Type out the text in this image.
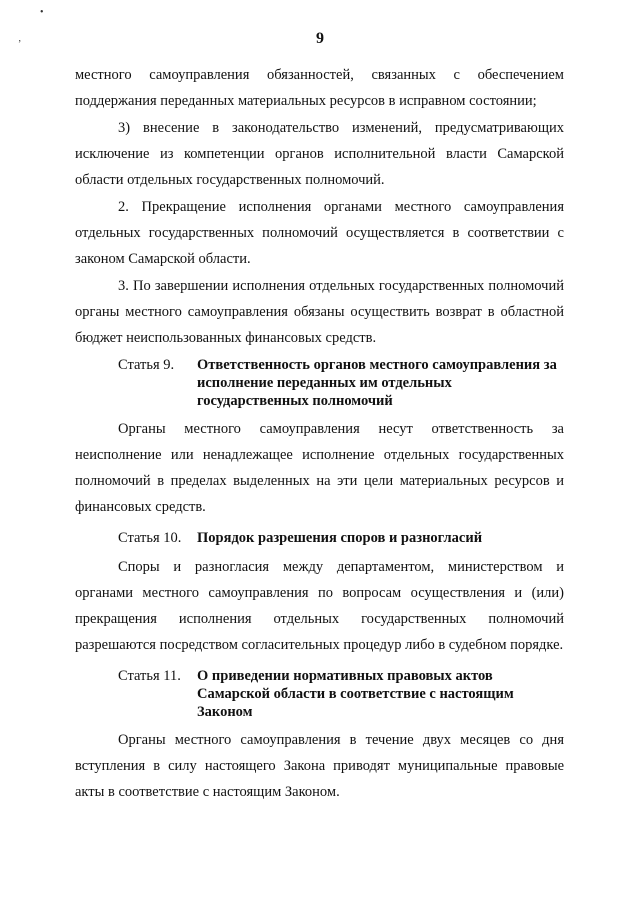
•
ʼ	9

местного самоуправления обязанностей, связанных с обеспечением поддержания переданных материальных ресурсов в исправном состоянии;

3) внесение в законодательство изменений, предусматривающих исключение из компетенции органов исполнительной власти Самарской области отдельных государственных полномочий.

2. Прекращение исполнения органами местного самоуправления отдельных государственных полномочий осуществляется в соответствии с законом Самарской области.

3. По завершении исполнения отдельных государственных полномочий органы местного самоуправления обязаны осуществить возврат в областной бюджет неиспользованных финансовых средств.

Статья 9.	Ответственность органов местного самоуправления за исполнение переданных им отдельных государственных полномочий

Органы местного самоуправления несут ответственность за неисполнение или ненадлежащее исполнение отдельных государственных полномочий в пределах выделенных на эти цели материальных ресурсов и финансовых средств.

Статья 10.	Порядок разрешения споров и разногласий

Споры и разногласия между департаментом, министерством и органами местного самоуправления по вопросам осуществления и (или) прекращения исполнения отдельных государственных полномочий разрешаются посредством согласительных процедур либо в судебном порядке.

Статья 11.	О приведении нормативных правовых актов Самарской области в соответствие с настоящим Законом

Органы местного самоуправления в течение двух месяцев со дня вступления в силу настоящего Закона приводят муниципальные правовые акты в соответствие с настоящим Законом.
